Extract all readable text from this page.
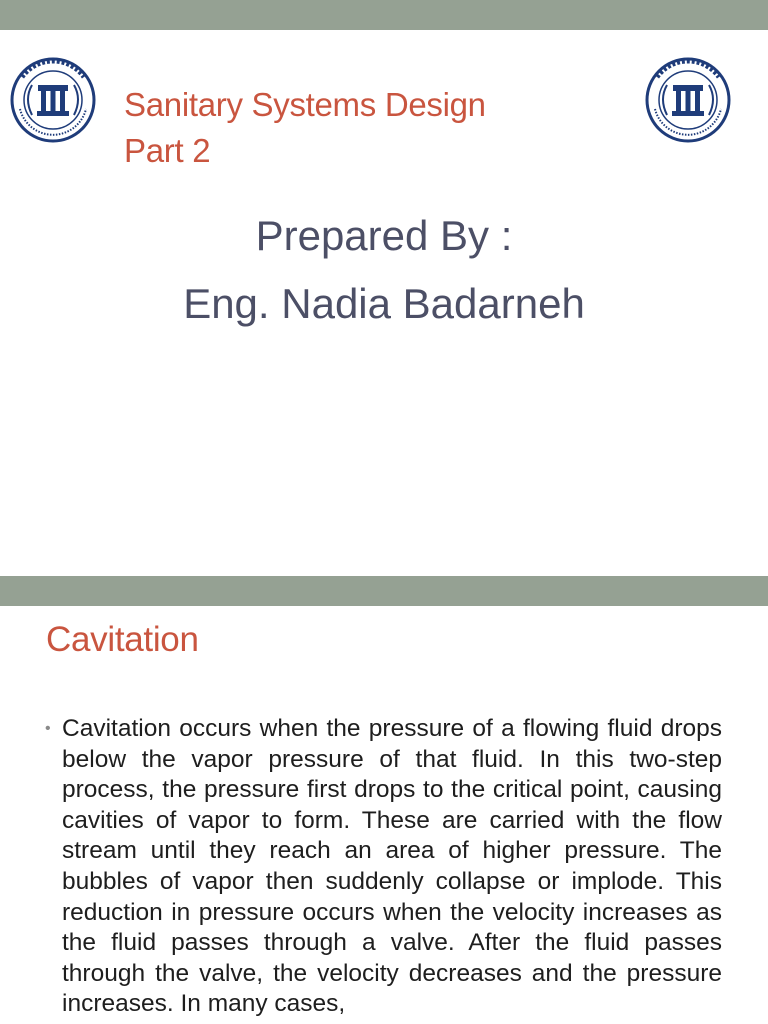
Sanitary Systems Design
Part 2

Prepared By :
Eng. Nadia Badarneh

Cavitation

• Cavitation occurs when the pressure of a flowing fluid drops below the vapor pressure of that fluid. In this two-step process, the pressure first drops to the critical point, causing cavities of vapor to form. These are carried with the flow stream until they reach an area of higher pressure. The bubbles of vapor then suddenly collapse or implode. This reduction in pressure occurs when the velocity increases as the fluid passes through a valve. After the fluid passes through the valve, the velocity decreases and the pressure increases. In many cases,
